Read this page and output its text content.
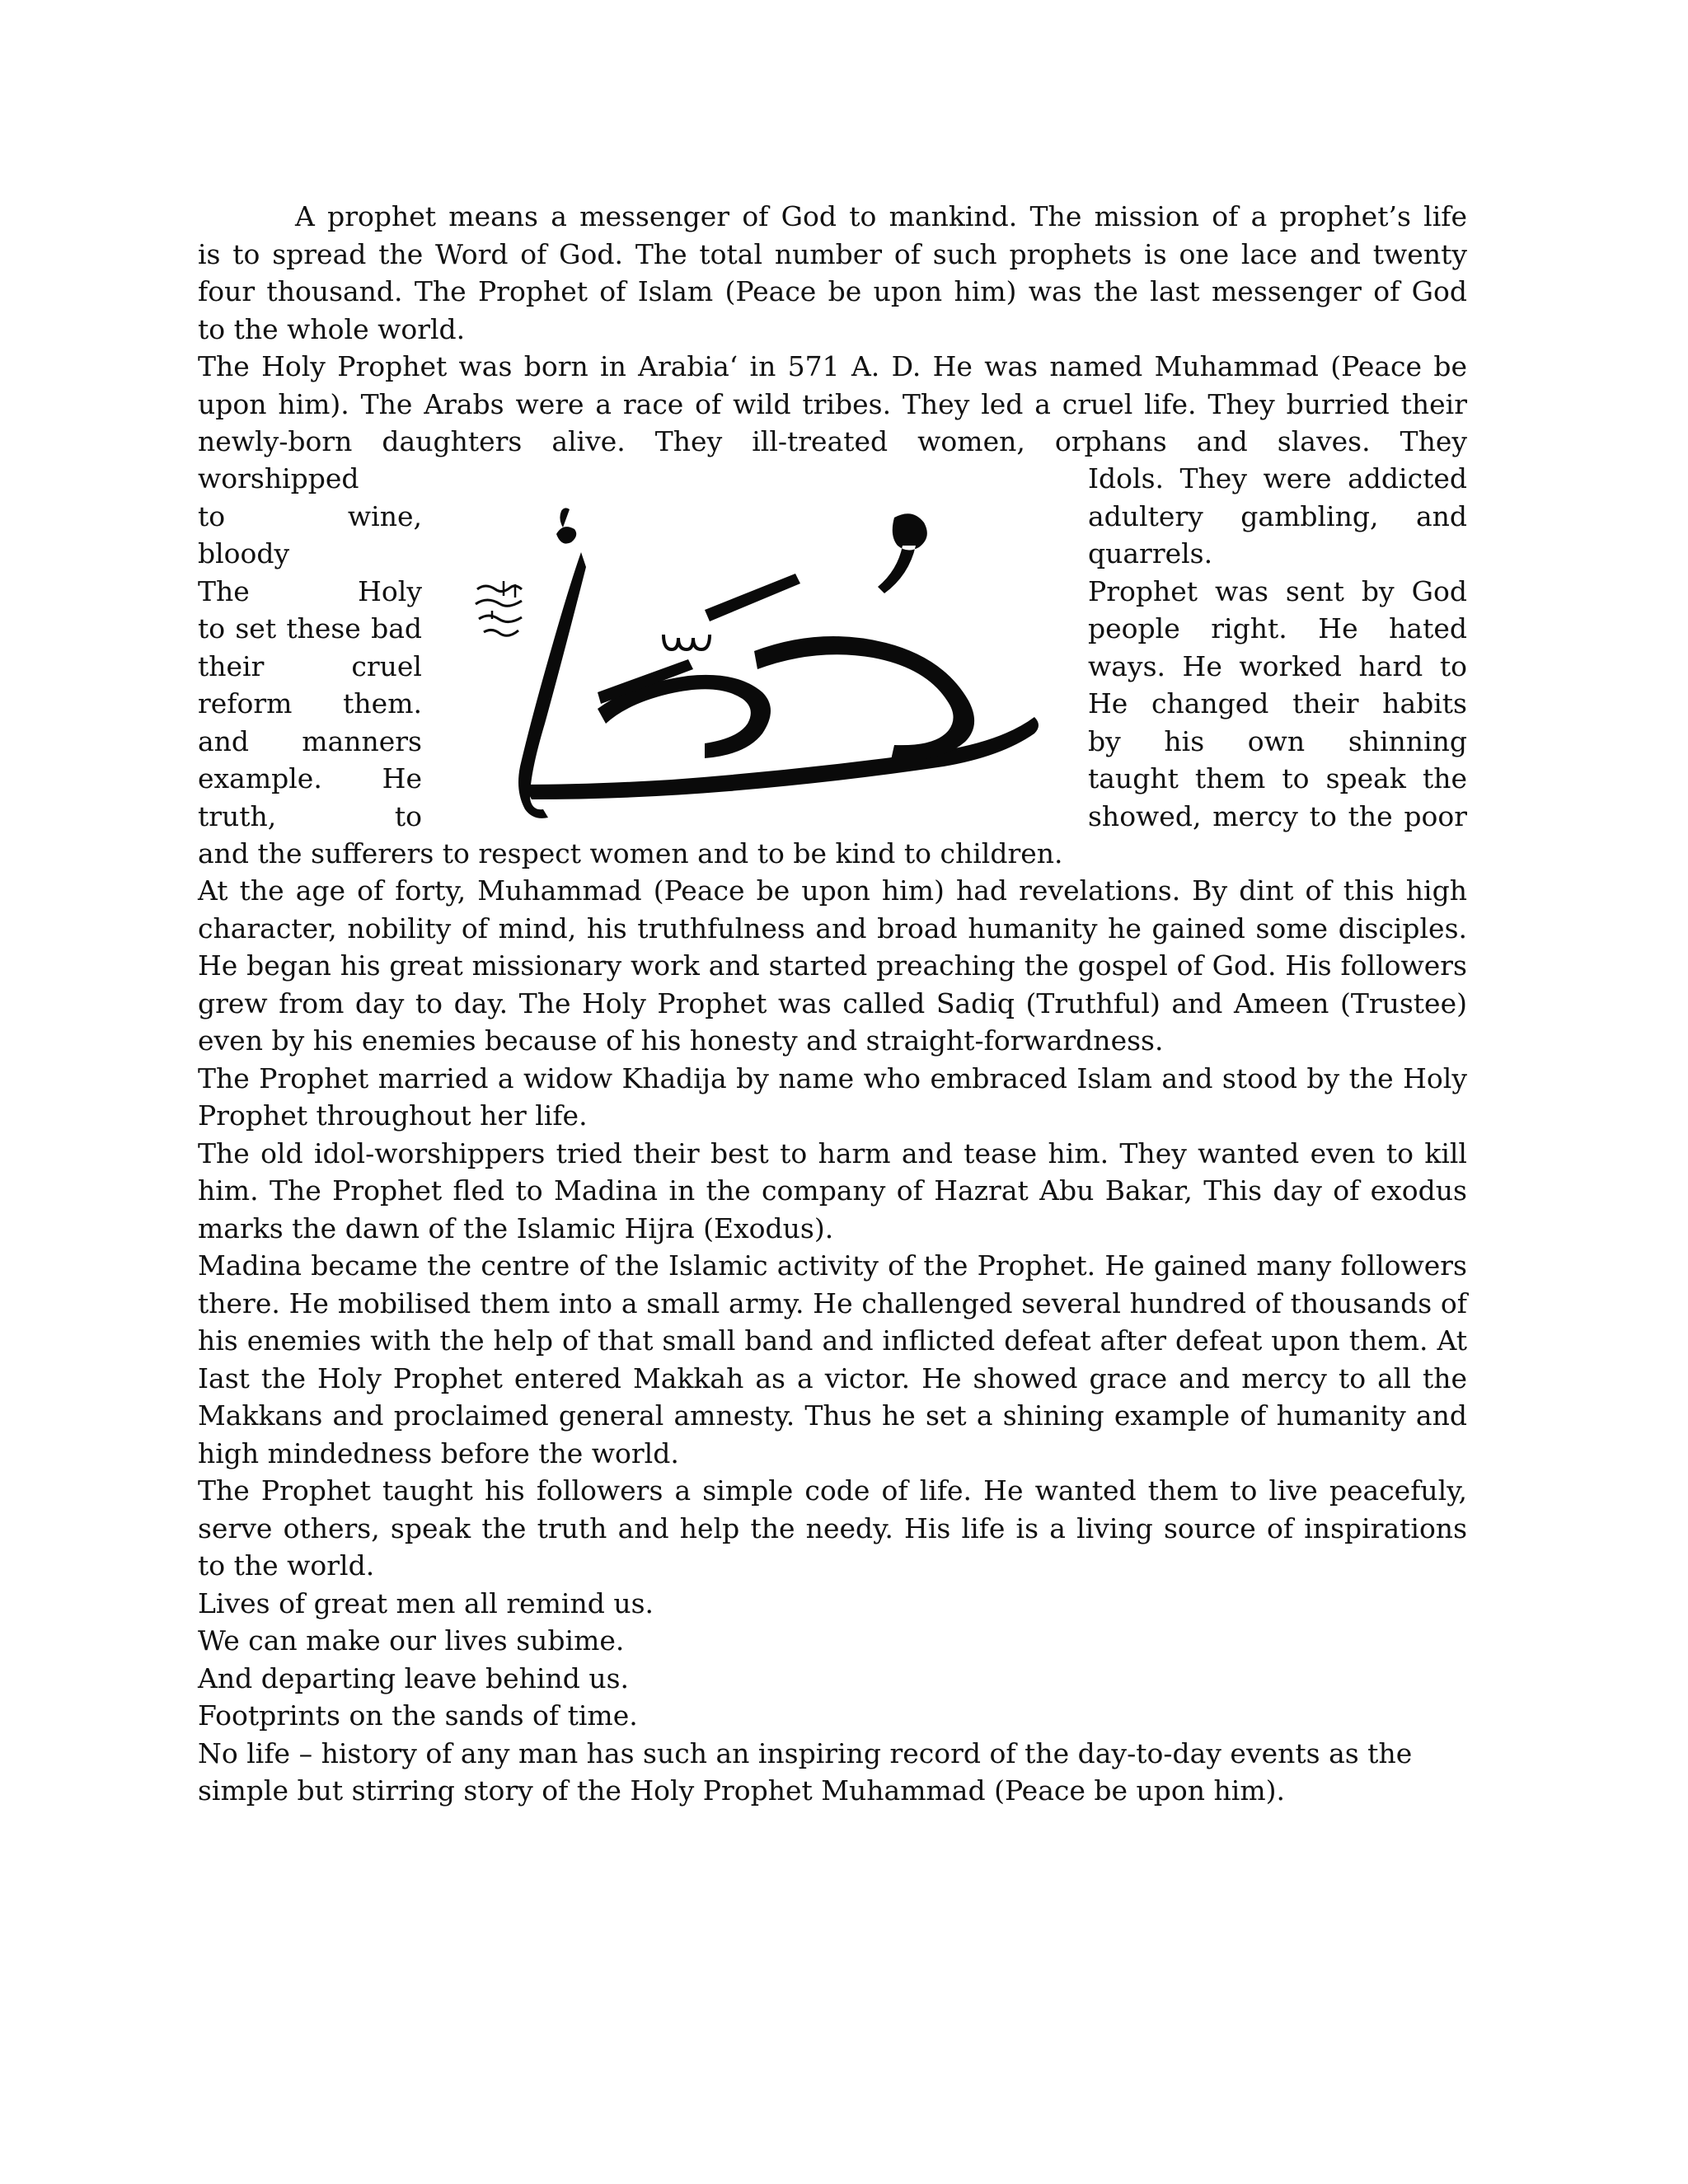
A prophet means a messenger of God to mankind. The mission of a prophet’s life
is to spread the Word of God. The total number of such prophets is one lace and twenty
four thousand. The Prophet of Islam (Peace be upon him) was the last messenger of God
to the whole world.
The Holy Prophet was born in Arabia‘ in 571 A. D. He was named Muhammad (Peace be
upon him). The Arabs were a race of wild tribes. They led a cruel life. They burried their
newly-born daughters alive. They ill-treated women, orphans and slaves. They
worshipped
to wine,
bloody
The Holy
to set these bad
their cruel
reform them.
and manners
example. He
truth, to
Idols. They were addicted
adultery gambling, and
quarrels.
Prophet was sent by God
people right. He hated
ways. He worked hard to
He changed their habits
by his own shinning
taught them to speak the
showed, mercy to the poor
and the sufferers to respect women and to be kind to children.
At the age of forty, Muhammad (Peace be upon him) had revelations. By dint of this high character, nobility of mind, his truthfulness and broad humanity he gained some disciples. He began his great missionary work and started preaching the gospel of God. His followers grew from day to day. The Holy Prophet was called Sadiq (Truthful) and Ameen (Trustee) even by his enemies because of his honesty and straight-forwardness.
The Prophet married a widow Khadija by name who embraced Islam and stood by the Holy Prophet throughout her life.
The old idol-worshippers tried their best to harm and tease him. They wanted even to kill him. The Prophet fled to Madina in the company of Hazrat Abu Bakar, This day of exodus marks the dawn of the Islamic Hijra (Exodus).
Madina became the centre of the Islamic activity of the Prophet. He gained many followers there. He mobilised them into a small army. He challenged several hundred of thousands of his enemies with the help of that small band and inflicted defeat after defeat upon them. At Iast the Holy Prophet entered Makkah as a victor. He showed grace and mercy to all the Makkans and proclaimed general amnesty. Thus he set a shining example of humanity and high mindedness before the world.
The Prophet taught his followers a simple code of life. He wanted them to live peacefuly, serve others, speak the truth and help the needy. His life is a living source of inspirations to the world.
Lives of great men all remind us.
We can make our lives subime.
And departing leave behind us.
Footprints on the sands of time.
No life – history of any man has such an inspiring record of the day-to-day events as the simple but stirring story of the Holy Prophet Muhammad (Peace be upon him).
